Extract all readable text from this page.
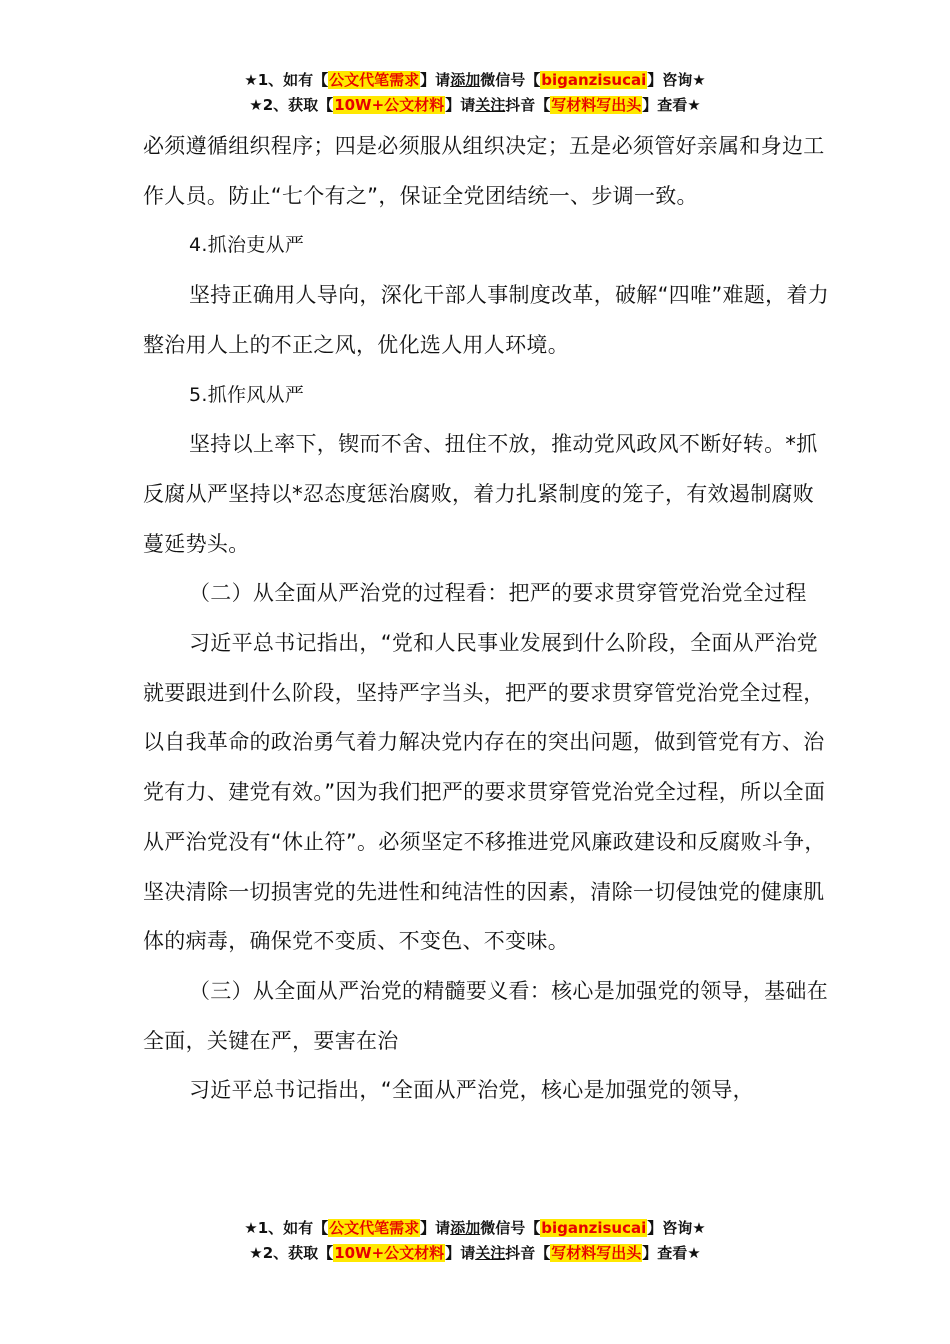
★1、如有【公文代笔需求】请添加微信号【biganzisucai】咨询★
★2、获取【10W+公文材料】请关注抖音【写材料写出头】查看★

必须遵循组织程序；四是必须服从组织决定；五是必须管好亲属和身边工作人员。防止“七个有之”，保证全党团结统一、步调一致。

4.抓治吏从严

坚持正确用人导向，深化干部人事制度改革，破解“四唯”难题，着力整治用人上的不正之风，优化选人用人环境。

5.抓作风从严

坚持以上率下，锲而不舍、扭住不放，推动党风政风不断好转。*抓反腐从严坚持以*忍态度惩治腐败，着力扎紧制度的笼子，有效遏制腐败蔓延势头。

（二）从全面从严治党的过程看：把严的要求贯穿管党治党全过程

习近平总书记指出，“党和人民事业发展到什么阶段，全面从严治党就要跟进到什么阶段，坚持严字当头，把严的要求贯穿管党治党全过程，以自我革命的政治勇气着力解决党内存在的突出问题，做到管党有方、治党有力、建党有效。”因为我们把严的要求贯穿管党治党全过程，所以全面从严治党没有“休止符”。必须坚定不移推进党风廉政建设和反腐败斗争，坚决清除一切损害党的先进性和纯洁性的因素，清除一切侵蚀党的健康肌体的病毒，确保党不变质、不变色、不变味。

（三）从全面从严治党的精髓要义看：核心是加强党的领导，基础在全面，关键在严，要害在治

习近平总书记指出，“全面从严治党，核心是加强党的领导，

★1、如有【公文代笔需求】请添加微信号【biganzisucai】咨询★
★2、获取【10W+公文材料】请关注抖音【写材料写出头】查看★
